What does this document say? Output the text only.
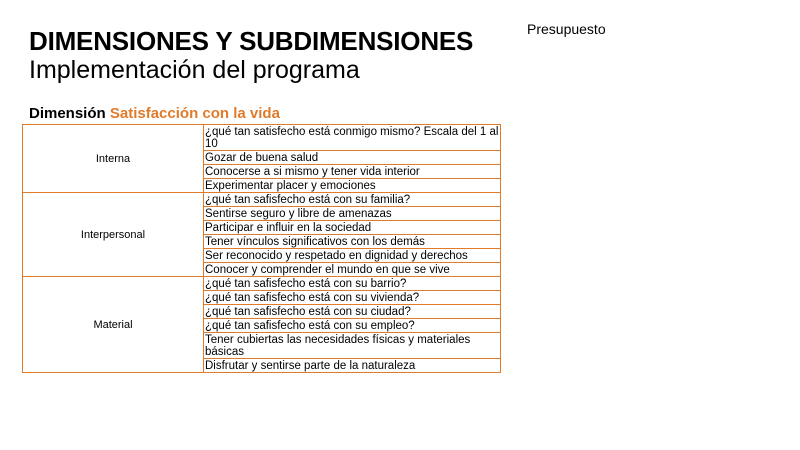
DIMENSIONES Y SUBDIMENSIONES
Implementación del programa
Presupuesto
Dimensión Satisfacción con la vida
Interna	¿qué tan satisfecho está conmigo mismo? Escala del 1 al 10
	Gozar de buena salud
	Conocerse a si mismo y tener vida interior
	Experimentar placer y emociones
Interpersonal	¿qué tan safisfecho está con su familia?
	Sentirse seguro y libre de amenazas
	Participar e influir en la sociedad
	Tener vínculos significativos con los demás
	Ser reconocido y respetado en dignidad y derechos
	Conocer y comprender el mundo en que se vive
Material	¿qué tan safisfecho está con su barrio?
	¿qué tan safisfecho está con su vivienda?
	¿qué tan safisfecho está con su ciudad?
	¿qué tan safisfecho está con su empleo?
	Tener cubiertas las necesidades físicas y materiales básicas
	Disfrutar y sentirse parte de la naturaleza
